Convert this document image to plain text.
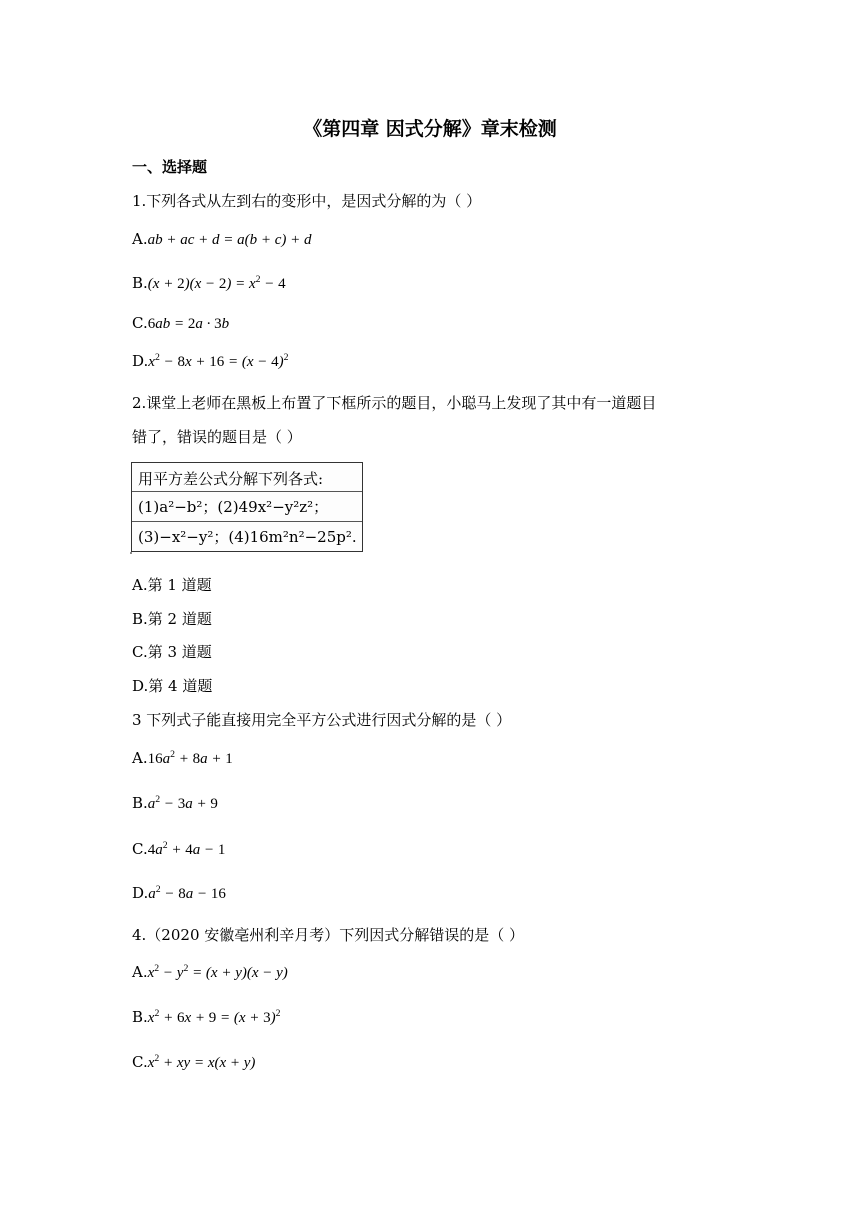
《第四章 因式分解》章末检测
一、选择题
1.下列各式从左到右的变形中，是因式分解的为（ ）
A.ab + ac + d = a(b + c) + d
$B.(x + 2)(x - 2) = x^2 - 4$
C.6ab = 2a · 3b
$D.x^2 - 8x + 16 = (x - 4)^2$
2.课堂上老师在黑板上布置了下框所示的题目，小聪马上发现了其中有一道题目
错了，错误的题目是（ ）
用平方差公式分解下列各式:
(1)a²−b²；(2)49x²−y²z²；
(3)−x²−y²；(4)16m²n²−25p².
A.第 1 道题
B.第 2 道题
C.第 3 道题
D.第 4 道题
3 下列式子能直接用完全平方公式进行因式分解的是（ ）
$A.16a^2 + 8a + 1$
$B.a^2 - 3a + 9$
$C.4a^2 + 4a - 1$
$D.a^2 - 8a - 16$
4.（2020 安徽亳州利辛月考）下列因式分解错误的是（ ）
$A.x^2 - y^2 = (x + y)(x - y)$
$B.x^2 + 6x + 9 = (x + 3)^2$
$C.x^2$ + xy = x(x + y)
